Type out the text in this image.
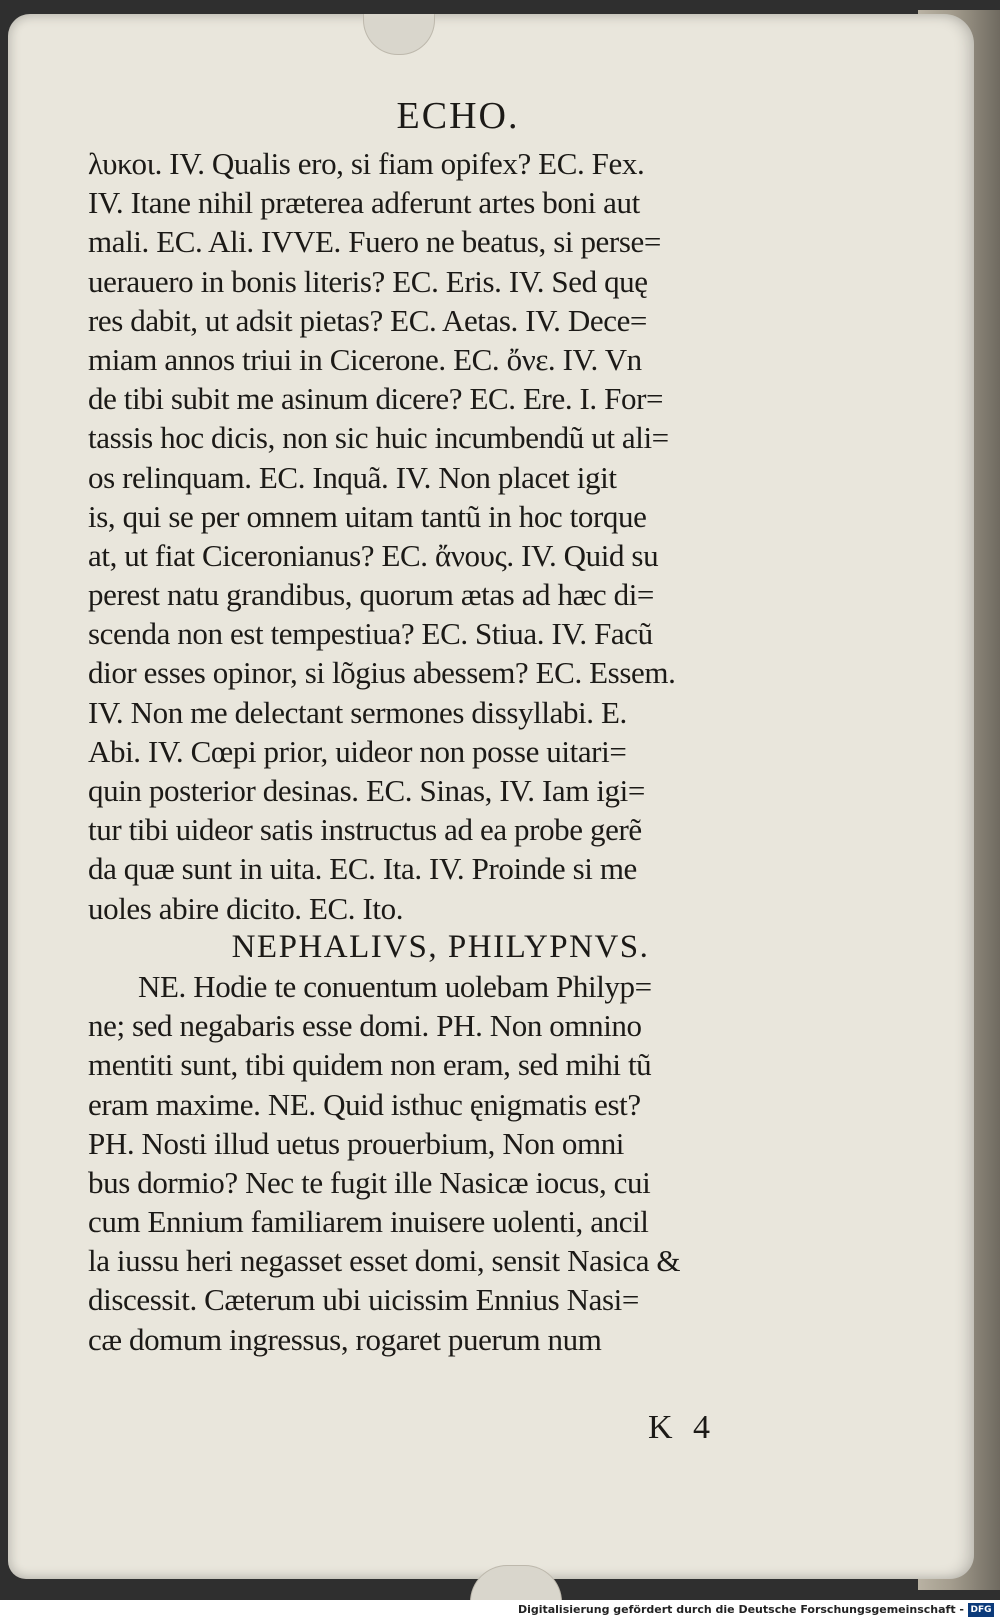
ECHO.
λυκοι. IV. Qualis ero, si fiam opifex? EC. Fex.
IV. Itane nihil præterea adferunt artes boni aut
mali. EC. Ali. IVVE. Fuero ne beatus, si perse=
uerauero in bonis literis? EC. Eris. IV. Sed quę
res dabit, ut adsit pietas? EC. Aetas. IV. Dece=
miam annos triui in Cicerone. EC. ὄνε. IV. Vn
de tibi subit me asinum dicere? EC. Ere. I. For=
tassis hoc dicis, non sic huic incumbendũ ut ali=
os relinquam. EC. Inquã. IV. Non placet igit
is, qui se per omnem uitam tantũ in hoc torque
at, ut fiat Ciceronianus? EC. ἄνους. IV. Quid su
perest natu grandibus, quorum ætas ad hæc di=
scenda non est tempestiua? EC. Stiua. IV. Facũ
dior esses opinor, si lõgius abessem? EC. Essem.
IV. Non me delectant sermones dissyllabi. E.
Abi. IV. Cœpi prior, uideor non posse uitari=
quin posterior desinas. EC. Sinas, IV. Iam igi=
tur tibi uideor satis instructus ad ea probe gerẽ
da quæ sunt in uita. EC. Ita. IV. Proinde si me
uoles abire dicito. EC. Ito.
NEPHALIVS, PHILYPNVS.
NE. Hodie te conuentum uolebam Philyp=
ne; sed negabaris esse domi. PH. Non omnino
mentiti sunt, tibi quidem non eram, sed mihi tũ
eram maxime. NE. Quid isthuc ęnigmatis est?
PH. Nosti illud uetus prouerbium, Non omni
bus dormio? Nec te fugit ille Nasicæ iocus, cui
cum Ennium familiarem inuisere uolenti, ancil
la iussu heri negasset esset domi, sensit Nasica &
discessit. Cæterum ubi uicissim Ennius Nasi=
cæ domum ingressus, rogaret puerum num
K 4
Digitalisierung gefördert durch die Deutsche Forschungsgemeinschaft - DFG
